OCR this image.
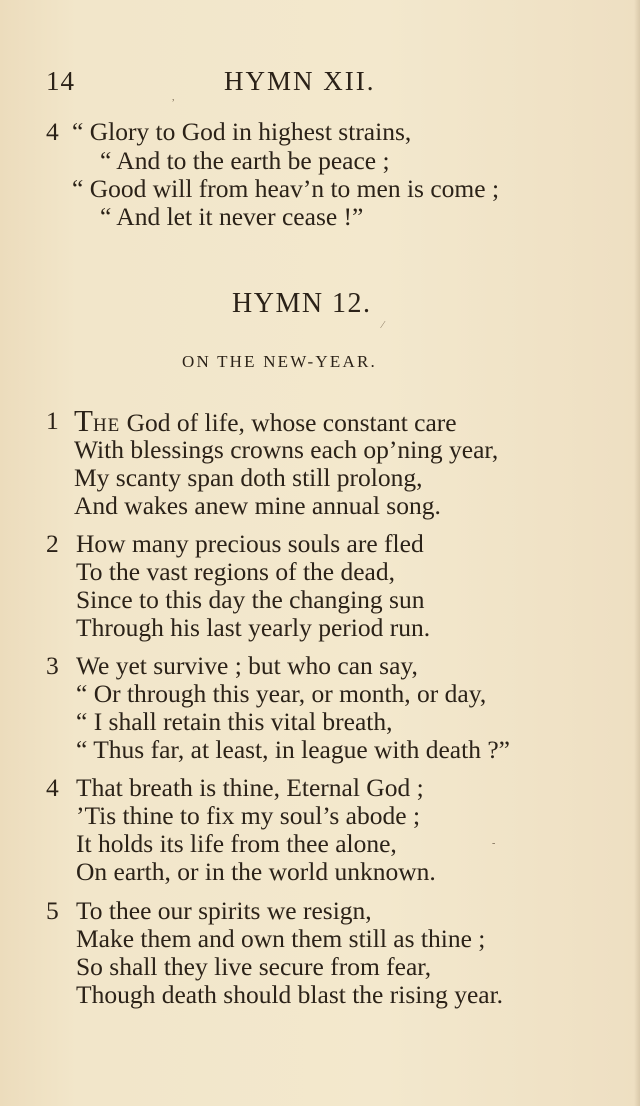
14	HYMN XII.
,
4 “ Glory to God in highest strains,
“ And to the earth be peace ;
“ Good will from heav’n to men is come ;
“ And let it never cease !”
HYMN 12.
⁄
ON THE NEW-YEAR.
1 THE God of life, whose constant care
With blessings crowns each op’ning year,
My scanty span doth still prolong,
And wakes anew mine annual song.
2 How many precious souls are fled
To the vast regions of the dead,
Since to this day the changing sun
Through his last yearly period run.
3 We yet survive ; but who can say,
“ Or through this year, or month, or day,
“ I shall retain this vital breath,
“ Thus far, at least, in league with death ?”
4 That breath is thine, Eternal God ;
’Tis thine to fix my soul’s abode ;
It holds its life from thee alone,
On earth, or in the world unknown.
-
5 To thee our spirits we resign,
Make them and own them still as thine ;
So shall they live secure from fear,
Though death should blast the rising year.
